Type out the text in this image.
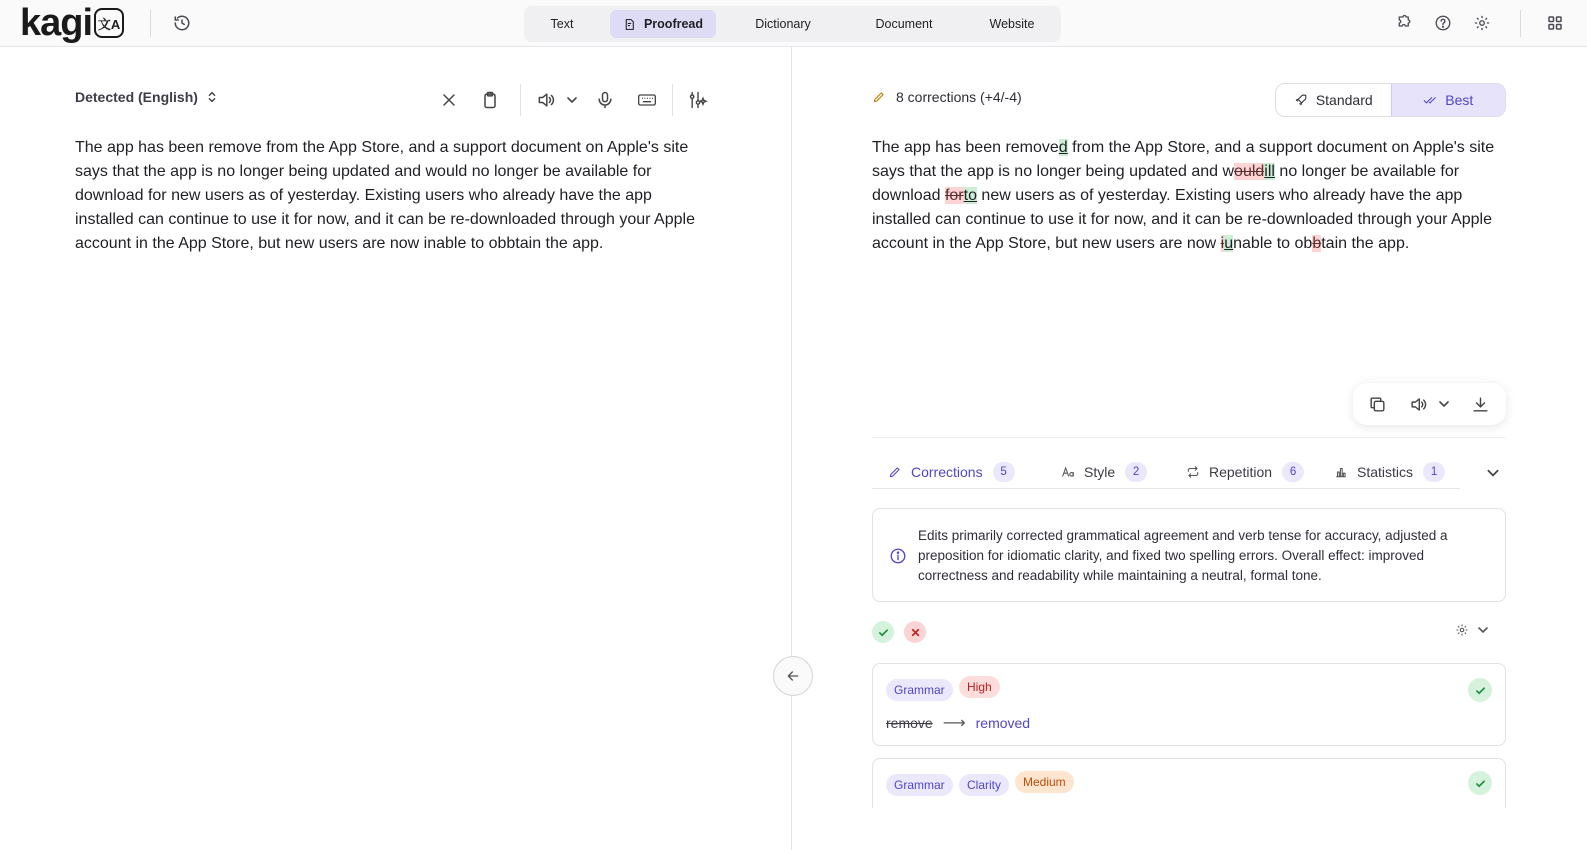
kagi 文A	Text	Proofread	Dictionary	Document	Website
Detected (English)
The app has been remove from the App Store, and a support document on Apple's site says that the app is no longer being updated and would no longer be available for download for new users as of yesterday. Existing users who already have the app installed can continue to use it for now, and it can be re-downloaded through your Apple account in the App Store, but new users are now inable to obbtain the app.
8 corrections (+4/-4)	Standard	Best
The app has been removed from the App Store, and a support document on Apple's site says that the app is no longer being updated and wouldill no longer be available for download forto new users as of yesterday. Existing users who already have the app installed can continue to use it for now, and it can be re-downloaded through your Apple account in the App Store, but new users are now iunable to obbtain the app.
Corrections	5	Style	2	Repetition	6	Statistics	1

Edits primarily corrected grammatical agreement and verb tense for accuracy, adjusted a preposition for idiomatic clarity, and fixed two spelling errors. Overall effect: improved correctness and readability while maintaining a neutral, formal tone.

Grammar	High
remove ⟶ removed
Grammar	Clarity	Medium
